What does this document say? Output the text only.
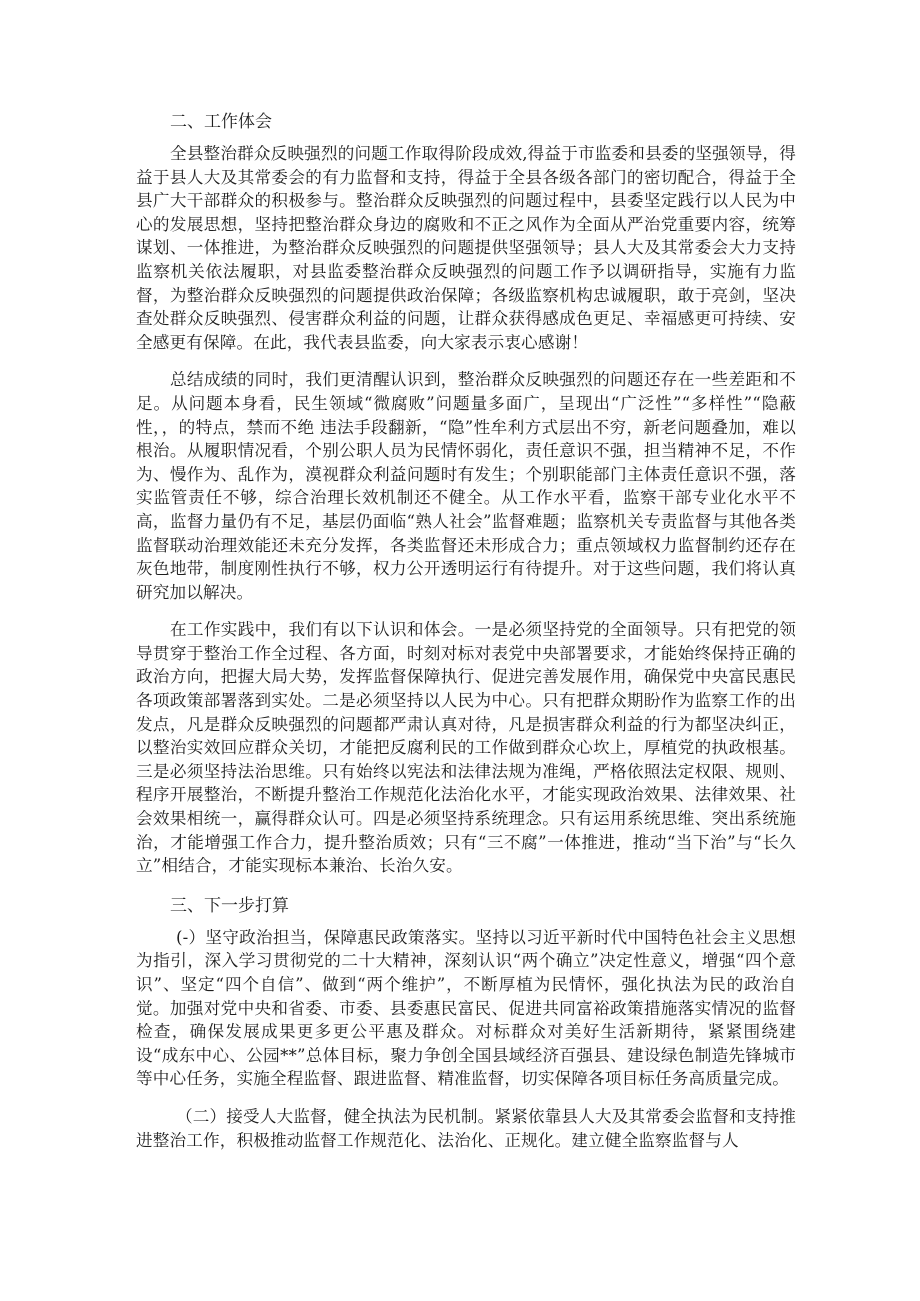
二、工作体会

全县整治群众反映强烈的问题工作取得阶段成效,得益于市监委和县委的坚强领导，得益于县人大及其常委会的有力监督和支持，得益于全县各级各部门的密切配合，得益于全县广大干部群众的积极参与。整治群众反映强烈的问题过程中，县委坚定践行以人民为中心的发展思想，坚持把整治群众身边的腐败和不正之风作为全面从严治党重要内容，统筹谋划、一体推进，为整治群众反映强烈的问题提供坚强领导；县人大及其常委会大力支持监察机关依法履职，对县监委整治群众反映强烈的问题工作予以调研指导，实施有力监督，为整治群众反映强烈的问题提供政治保障；各级监察机构忠诚履职，敢于亮剑，坚决查处群众反映强烈、侵害群众利益的问题，让群众获得感成色更足、幸福感更可持续、安全感更有保障。在此，我代表县监委，向大家表示衷心感谢！

总结成绩的同时，我们更清醒认识到，整治群众反映强烈的问题还存在一些差距和不足。从问题本身看，民生领域“微腐败”问题量多面广，呈现出“广泛性”“多样性”“隐蔽性，，的特点，禁而不绝 违法手段翻新，“隐”性牟利方式层出不穷，新老问题叠加，难以根治。从履职情况看，个别公职人员为民情怀弱化，责任意识不强，担当精神不足，不作为、慢作为、乱作为，漠视群众利益问题时有发生；个别职能部门主体责任意识不强，落实监管责任不够，综合治理长效机制还不健全。从工作水平看，监察干部专业化水平不高，监督力量仍有不足，基层仍面临“熟人社会”监督难题；监察机关专责监督与其他各类监督联动治理效能还未充分发挥，各类监督还未形成合力；重点领域权力监督制约还存在灰色地带，制度刚性执行不够，权力公开透明运行有待提升。对于这些问题，我们将认真研究加以解决。

在工作实践中，我们有以下认识和体会。一是必须坚持党的全面领导。只有把党的领导贯穿于整治工作全过程、各方面，时刻对标对表党中央部署要求，才能始终保持正确的政治方向，把握大局大势，发挥监督保障执行、促进完善发展作用，确保党中央富民惠民各项政策部署落到实处。二是必须坚持以人民为中心。只有把群众期盼作为监察工作的出发点，凡是群众反映强烈的问题都严肃认真对待，凡是损害群众利益的行为都坚决纠正，以整治实效回应群众关切，才能把反腐利民的工作做到群众心坎上，厚植党的执政根基。三是必须坚持法治思维。只有始终以宪法和法律法规为准绳，严格依照法定权限、规则、程序开展整治，不断提升整治工作规范化法治化水平，才能实现政治效果、法律效果、社会效果相统一，赢得群众认可。四是必须坚持系统理念。只有运用系统思维、突出系统施治，才能增强工作合力，提升整治质效；只有“三不腐”一体推进，推动“当下治”与“长久立”相结合，才能实现标本兼治、长治久安。

三、下一步打算

(-）坚守政治担当，保障惠民政策落实。坚持以习近平新时代中国特色社会主义思想为指引，深入学习贯彻党的二十大精神，深刻认识“两个确立”决定性意义，增强“四个意识”、坚定“四个自信”、做到“两个维护”，不断厚植为民情怀，强化执法为民的政治自觉。加强对党中央和省委、市委、县委惠民富民、促进共同富裕政策措施落实情况的监督检查，确保发展成果更多更公平惠及群众。对标群众对美好生活新期待，紧紧围绕建设“成东中心、公园**”总体目标，聚力争创全国县域经济百强县、建设绿色制造先锋城市等中心任务，实施全程监督、跟进监督、精准监督，切实保障各项目标任务高质量完成。

（二）接受人大监督，健全执法为民机制。紧紧依靠县人大及其常委会监督和支持推进整治工作，积极推动监督工作规范化、法治化、正规化。建立健全监察监督与人
